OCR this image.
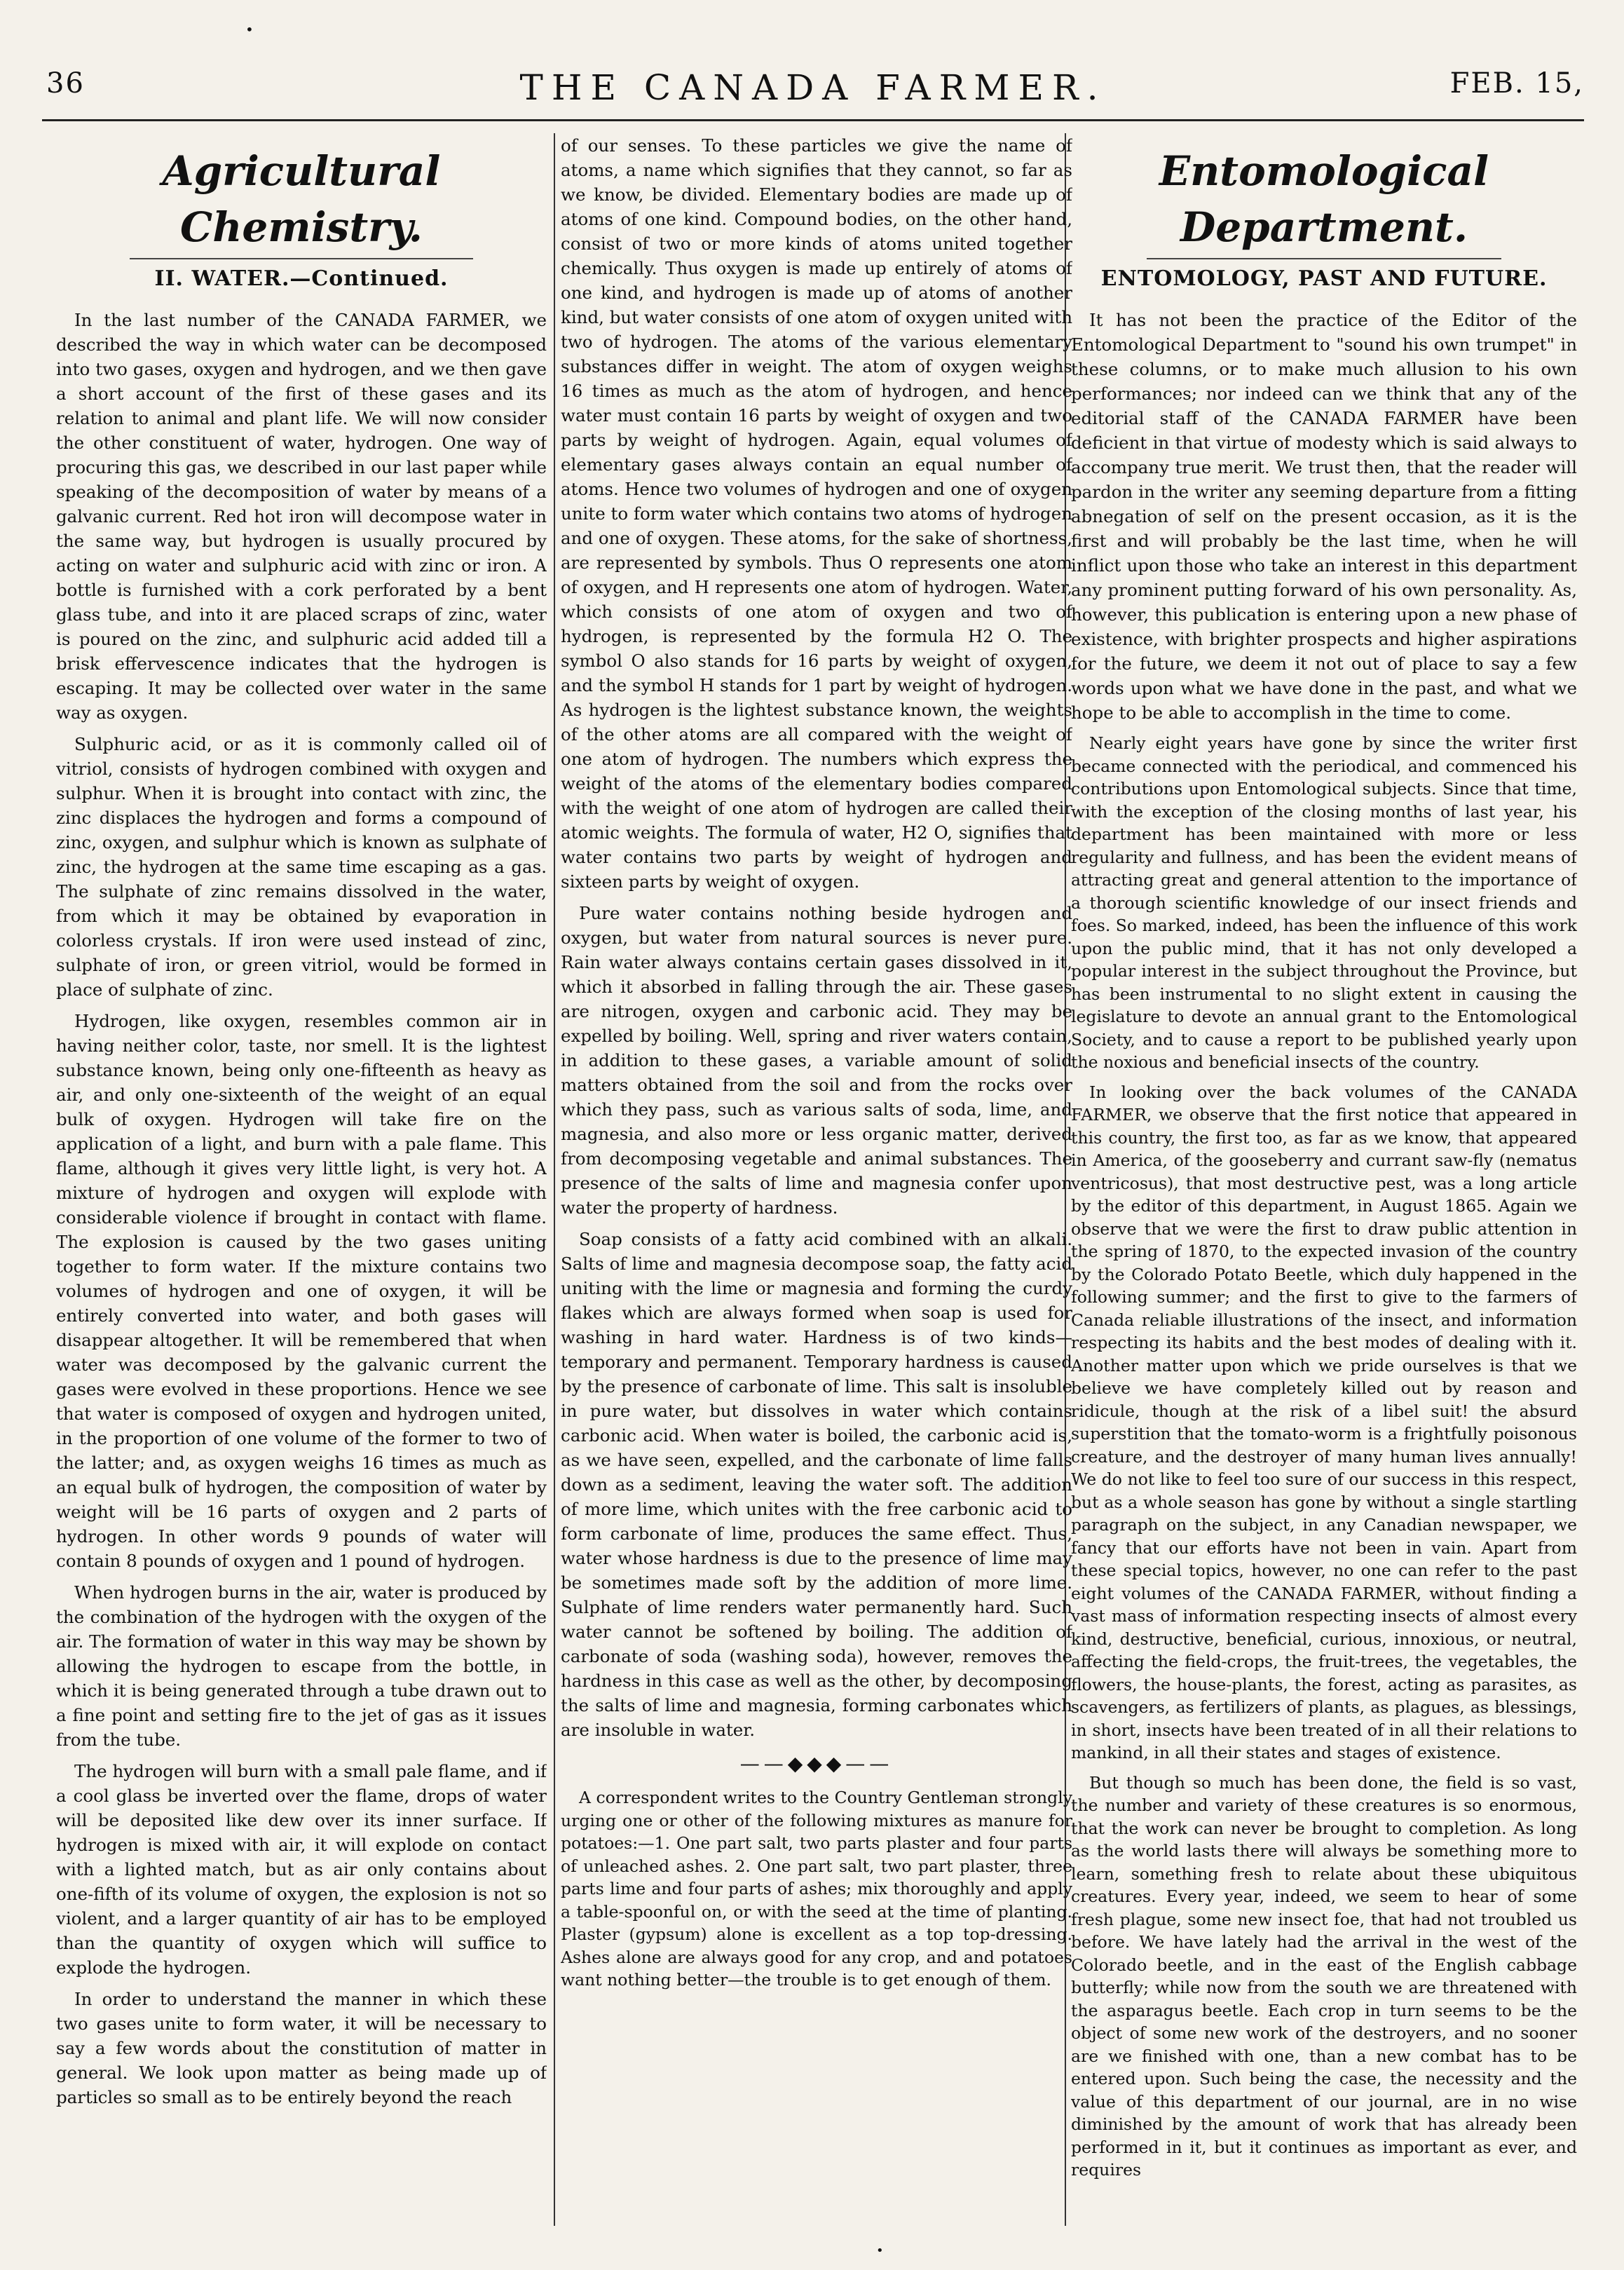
•
36	THE CANADA FARMER.	FEB. 15,
Agricultural Chemistry.
II. WATER.—Continued.

In the last number of the CANADA FARMER, we described the way in which water can be decomposed into two gases, oxygen and hydrogen, and we then gave a short account of the first of these gases and its relation to animal and plant life. We will now consider the other constituent of water, hydrogen. One way of procuring this gas, we described in our last paper while speaking of the decomposition of water by means of a galvanic current. Red hot iron will decompose water in the same way, but hydrogen is usually procured by acting on water and sulphuric acid with zinc or iron. A bottle is furnished with a cork perforated by a bent glass tube, and into it are placed scraps of zinc, water is poured on the zinc, and sulphuric acid added till a brisk effervescence indicates that the hydrogen is escaping. It may be collected over water in the same way as oxygen.

Sulphuric acid, or as it is commonly called oil of vitriol, consists of hydrogen combined with oxygen and sulphur. When it is brought into contact with zinc, the zinc displaces the hydrogen and forms a compound of zinc, oxygen, and sulphur which is known as sulphate of zinc, the hydrogen at the same time escaping as a gas. The sulphate of zinc remains dissolved in the water, from which it may be obtained by evaporation in colorless crystals. If iron were used instead of zinc, sulphate of iron, or green vitriol, would be formed in place of sulphate of zinc.

Hydrogen, like oxygen, resembles common air in having neither color, taste, nor smell. It is the lightest substance known, being only one-fifteenth as heavy as air, and only one-sixteenth of the weight of an equal bulk of oxygen. Hydrogen will take fire on the application of a light, and burn with a pale flame. This flame, although it gives very little light, is very hot. A mixture of hydrogen and oxygen will explode with considerable violence if brought in contact with flame. The explosion is caused by the two gases uniting together to form water. If the mixture contains two volumes of hydrogen and one of oxygen, it will be entirely converted into water, and both gases will disappear altogether. It will be remembered that when water was decomposed by the galvanic current the gases were evolved in these proportions. Hence we see that water is composed of oxygen and hydrogen united, in the proportion of one volume of the former to two of the latter; and, as oxygen weighs 16 times as much as an equal bulk of hydrogen, the composition of water by weight will be 16 parts of oxygen and 2 parts of hydrogen. In other words 9 pounds of water will contain 8 pounds of oxygen and 1 pound of hydrogen.

When hydrogen burns in the air, water is produced by the combination of the hydrogen with the oxygen of the air. The formation of water in this way may be shown by allowing the hydrogen to escape from the bottle, in which it is being generated through a tube drawn out to a fine point and setting fire to the jet of gas as it issues from the tube.

The hydrogen will burn with a small pale flame, and if a cool glass be inverted over the flame, drops of water will be deposited like dew over its inner surface. If hydrogen is mixed with air, it will explode on contact with a lighted match, but as air only contains about one-fifth of its volume of oxygen, the explosion is not so violent, and a larger quantity of air has to be employed than the quantity of oxygen which will suffice to explode the hydrogen.

In order to understand the manner in which these two gases unite to form water, it will be necessary to say a few words about the constitution of matter in general. We look upon matter as being made up of particles so small as to be entirely beyond the reach

of our senses. To these particles we give the name of atoms, a name which signifies that they cannot, so far as we know, be divided. Elementary bodies are made up of atoms of one kind. Compound bodies, on the other hand, consist of two or more kinds of atoms united together chemically. Thus oxygen is made up entirely of atoms of one kind, and hydrogen is made up of atoms of another kind, but water consists of one atom of oxygen united with two of hydrogen. The atoms of the various elementary substances differ in weight. The atom of oxygen weighs 16 times as much as the atom of hydrogen, and hence water must contain 16 parts by weight of oxygen and two parts by weight of hydrogen. Again, equal volumes of elementary gases always contain an equal number of atoms. Hence two volumes of hydrogen and one of oxygen unite to form water which contains two atoms of hydrogen and one of oxygen. These atoms, for the sake of shortness, are represented by symbols. Thus O represents one atom of oxygen, and H represents one atom of hydrogen. Water, which consists of one atom of oxygen and two of hydrogen, is represented by the formula H2 O. The symbol O also stands for 16 parts by weight of oxygen, and the symbol H stands for 1 part by weight of hydrogen. As hydrogen is the lightest substance known, the weights of the other atoms are all compared with the weight of one atom of hydrogen. The numbers which express the weight of the atoms of the elementary bodies compared with the weight of one atom of hydrogen are called their atomic weights. The formula of water, H2 O, signifies that water contains two parts by weight of hydrogen and sixteen parts by weight of oxygen.

Pure water contains nothing beside hydrogen and oxygen, but water from natural sources is never pure. Rain water always contains certain gases dissolved in it, which it absorbed in falling through the air. These gases are nitrogen, oxygen and carbonic acid. They may be expelled by boiling. Well, spring and river waters contain, in addition to these gases, a variable amount of solid matters obtained from the soil and from the rocks over which they pass, such as various salts of soda, lime, and magnesia, and also more or less organic matter, derived from decomposing vegetable and animal substances. The presence of the salts of lime and magnesia confer upon water the property of hardness.

Soap consists of a fatty acid combined with an alkali. Salts of lime and magnesia decompose soap, the fatty acid uniting with the lime or magnesia and forming the curdy flakes which are always formed when soap is used for washing in hard water. Hardness is of two kinds—temporary and permanent. Temporary hardness is caused by the presence of carbonate of lime. This salt is insoluble in pure water, but dissolves in water which contains carbonic acid. When water is boiled, the carbonic acid is, as we have seen, expelled, and the carbonate of lime falls down as a sediment, leaving the water soft. The addition of more lime, which unites with the free carbonic acid to form carbonate of lime, produces the same effect. Thus, water whose hardness is due to the presence of lime may be sometimes made soft by the addition of more lime. Sulphate of lime renders water permanently hard. Such water cannot be softened by boiling. The addition of carbonate of soda (washing soda), however, removes the hardness in this case as well as the other, by decomposing the salts of lime and magnesia, forming carbonates which are insoluble in water.

——◆◆◆——

A correspondent writes to the Country Gentleman strongly urging one or other of the following mixtures as manure for potatoes:—1. One part salt, two parts plaster and four parts of unleached ashes. 2. One part salt, two part plaster, three parts lime and four parts of ashes; mix thoroughly and apply a table-spoonful on, or with the seed at the time of planting. Plaster (gypsum) alone is excellent as a top top-dressing. Ashes alone are always good for any crop, and and potatoes want nothing better—the trouble is to get enough of them.

Entomological Department.
ENTOMOLOGY, PAST AND FUTURE.

It has not been the practice of the Editor of the Entomological Department to "sound his own trumpet" in these columns, or to make much allusion to his own performances; nor indeed can we think that any of the editorial staff of the CANADA FARMER have been deficient in that virtue of modesty which is said always to accompany true merit. We trust then, that the reader will pardon in the writer any seeming departure from a fitting abnegation of self on the present occasion, as it is the first and will probably be the last time, when he will inflict upon those who take an interest in this department any prominent putting forward of his own personality. As, however, this publication is entering upon a new phase of existence, with brighter prospects and higher aspirations for the future, we deem it not out of place to say a few words upon what we have done in the past, and what we hope to be able to accomplish in the time to come.

Nearly eight years have gone by since the writer first became connected with the periodical, and commenced his contributions upon Entomological subjects. Since that time, with the exception of the closing months of last year, his department has been maintained with more or less regularity and fullness, and has been the evident means of attracting great and general attention to the importance of a thorough scientific knowledge of our insect friends and foes. So marked, indeed, has been the influence of this work upon the public mind, that it has not only developed a popular interest in the subject throughout the Province, but has been instrumental to no slight extent in causing the legislature to devote an annual grant to the Entomological Society, and to cause a report to be published yearly upon the noxious and beneficial insects of the country.

In looking over the back volumes of the CANADA FARMER, we observe that the first notice that appeared in this country, the first too, as far as we know, that appeared in America, of the gooseberry and currant saw-fly (nematus ventricosus), that most destructive pest, was a long article by the editor of this department, in August 1865. Again we observe that we were the first to draw public attention in the spring of 1870, to the expected invasion of the country by the Colorado Potato Beetle, which duly happened in the following summer; and the first to give to the farmers of Canada reliable illustrations of the insect, and information respecting its habits and the best modes of dealing with it. Another matter upon which we pride ourselves is that we believe we have completely killed out by reason and ridicule, though at the risk of a libel suit! the absurd superstition that the tomato-worm is a frightfully poisonous creature, and the destroyer of many human lives annually! We do not like to feel too sure of our success in this respect, but as a whole season has gone by without a single startling paragraph on the subject, in any Canadian newspaper, we fancy that our efforts have not been in vain. Apart from these special topics, however, no one can refer to the past eight volumes of the CANADA FARMER, without finding a vast mass of information respecting insects of almost every kind, destructive, beneficial, curious, innoxious, or neutral, affecting the field-crops, the fruit-trees, the vegetables, the flowers, the house-plants, the forest, acting as parasites, as scavengers, as fertilizers of plants, as plagues, as blessings, in short, insects have been treated of in all their relations to mankind, in all their states and stages of existence.

But though so much has been done, the field is so vast, the number and variety of these creatures is so enormous, that the work can never be brought to completion. As long as the world lasts there will always be something more to learn, something fresh to relate about these ubiquitous creatures. Every year, indeed, we seem to hear of some fresh plague, some new insect foe, that had not troubled us before. We have lately had the arrival in the west of the Colorado beetle, and in the east of the English cabbage butterfly; while now from the south we are threatened with the asparagus beetle. Each crop in turn seems to be the object of some new work of the destroyers, and no sooner are we finished with one, than a new combat has to be entered upon. Such being the case, the necessity and the value of this department of our journal, are in no wise diminished by the amount of work that has already been performed in it, but it continues as important as ever, and requires

•
